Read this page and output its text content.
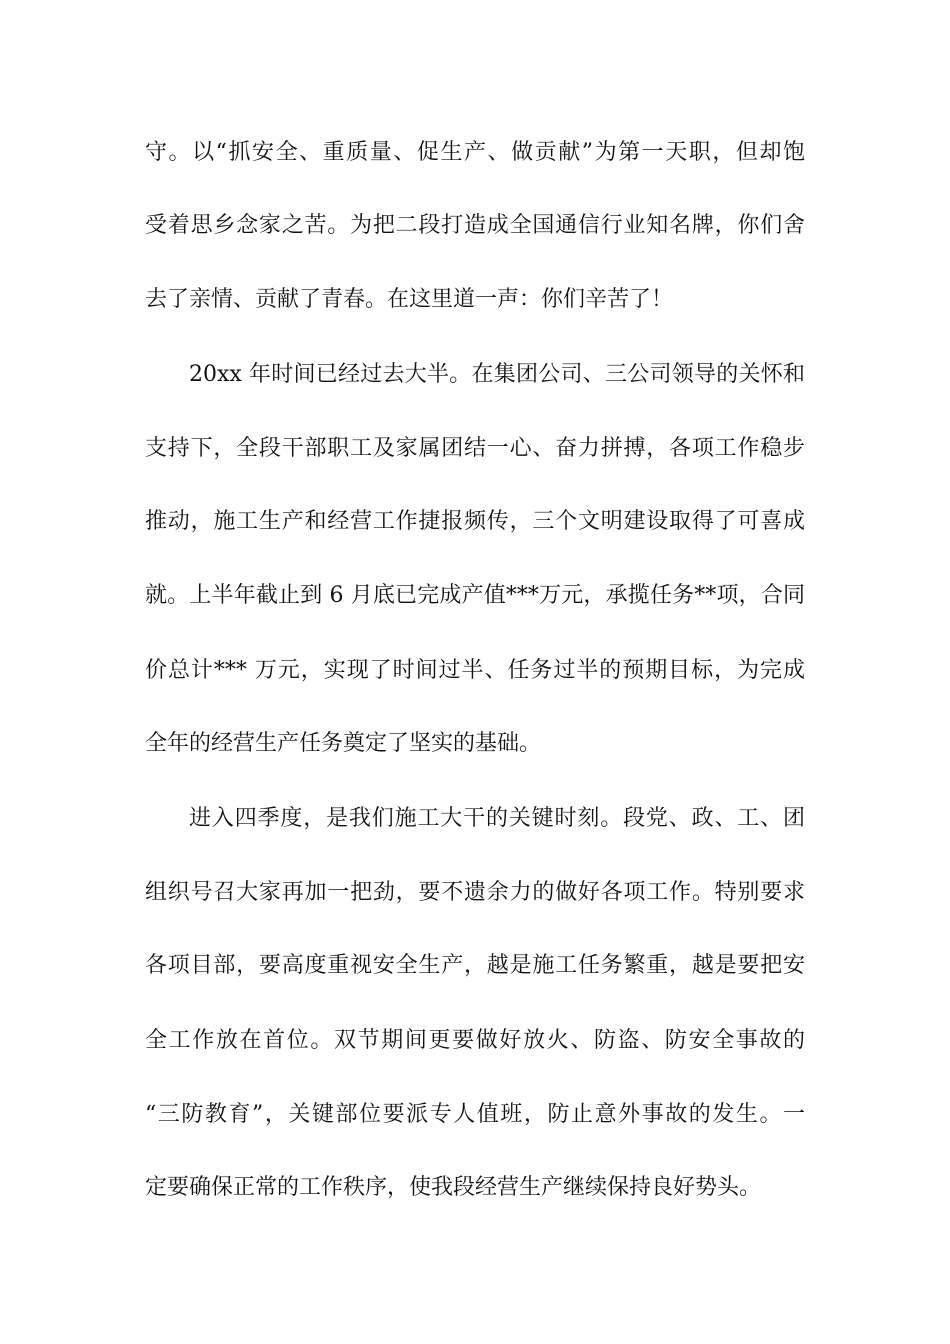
守。以“抓安全、重质量、促生产、做贡献”为第一天职，但却饱
受着思乡念家之苦。为把二段打造成全国通信行业知名牌，你们舍
去了亲情、贡献了青春。在这里道一声：你们辛苦了！
20xx 年时间已经过去大半。在集团公司、三公司领导的关怀和
支持下，全段干部职工及家属团结一心、奋力拼搏，各项工作稳步
推动，施工生产和经营工作捷报频传，三个文明建设取得了可喜成
就。上半年截止到 6 月底已完成产值***万元，承揽任务**项，合同
价总计*** 万元，实现了时间过半、任务过半的预期目标，为完成
全年的经营生产任务奠定了坚实的基础。
进入四季度，是我们施工大干的关键时刻。段党、政、工、团
组织号召大家再加一把劲，要不遗余力的做好各项工作。特别要求
各项目部，要高度重视安全生产，越是施工任务繁重，越是要把安
全工作放在首位。双节期间更要做好放火、防盗、防安全事故的
“三防教育”，关键部位要派专人值班，防止意外事故的发生。一
定要确保正常的工作秩序，使我段经营生产继续保持良好势头。
